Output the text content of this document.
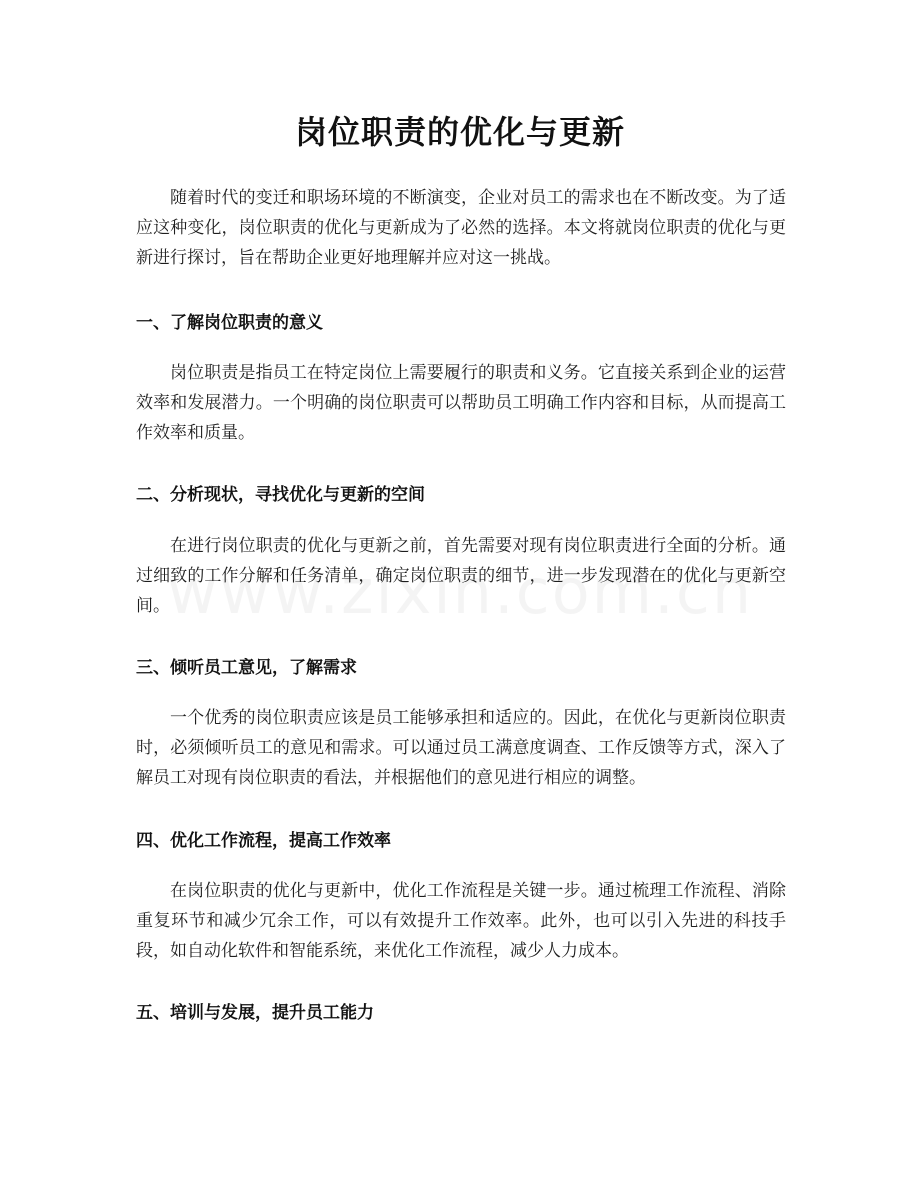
岗位职责的优化与更新
随着时代的变迁和职场环境的不断演变，企业对员工的需求也在不断改变。为了适应这种变化，岗位职责的优化与更新成为了必然的选择。本文将就岗位职责的优化与更新进行探讨，旨在帮助企业更好地理解并应对这一挑战。
一、了解岗位职责的意义
岗位职责是指员工在特定岗位上需要履行的职责和义务。它直接关系到企业的运营效率和发展潜力。一个明确的岗位职责可以帮助员工明确工作内容和目标，从而提高工作效率和质量。
二、分析现状，寻找优化与更新的空间
在进行岗位职责的优化与更新之前，首先需要对现有岗位职责进行全面的分析。通过细致的工作分解和任务清单，确定岗位职责的细节，进一步发现潜在的优化与更新空间。
三、倾听员工意见，了解需求
一个优秀的岗位职责应该是员工能够承担和适应的。因此，在优化与更新岗位职责时，必须倾听员工的意见和需求。可以通过员工满意度调查、工作反馈等方式，深入了解员工对现有岗位职责的看法，并根据他们的意见进行相应的调整。
四、优化工作流程，提高工作效率
在岗位职责的优化与更新中，优化工作流程是关键一步。通过梳理工作流程、消除重复环节和减少冗余工作，可以有效提升工作效率。此外，也可以引入先进的科技手段，如自动化软件和智能系统，来优化工作流程，减少人力成本。
五、培训与发展，提升员工能力
